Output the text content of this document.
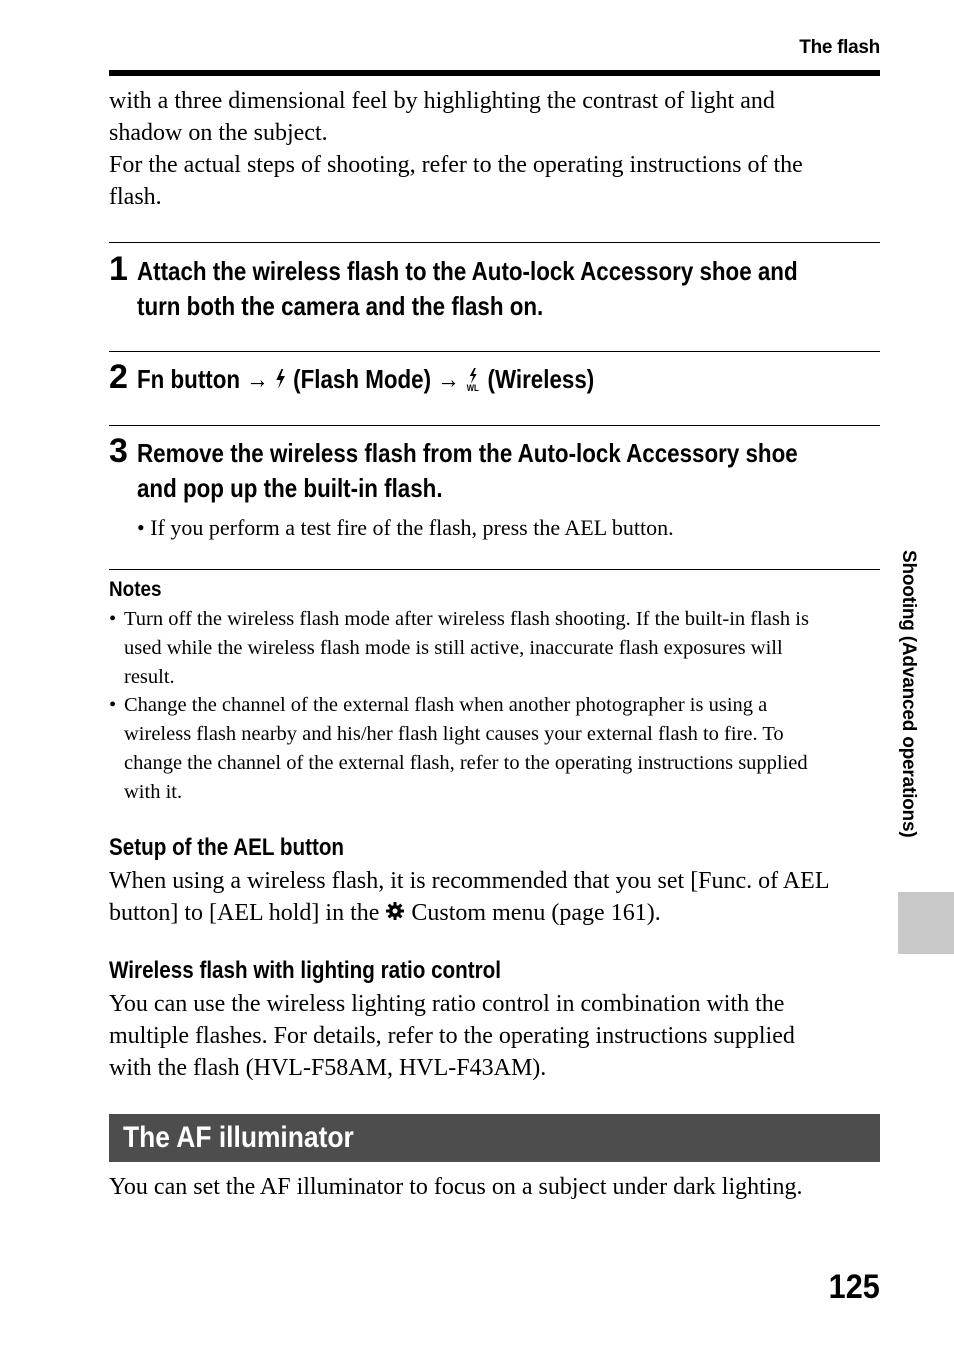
The flash
with a three dimensional feel by highlighting the contrast of light and
shadow on the subject.
For the actual steps of shooting, refer to the operating instructions of the
flash.
1 Attach the wireless flash to the Auto-lock Accessory shoe and
turn both the camera and the flash on.
2 Fn button → (Flash Mode) → WL (Wireless)
3 Remove the wireless flash from the Auto-lock Accessory shoe
and pop up the built-in flash.
• If you perform a test fire of the flash, press the AEL button.
Notes
• Turn off the wireless flash mode after wireless flash shooting. If the built-in flash is
used while the wireless flash mode is still active, inaccurate flash exposures will
result.
• Change the channel of the external flash when another photographer is using a
wireless flash nearby and his/her flash light causes your external flash to fire. To
change the channel of the external flash, refer to the operating instructions supplied
with it.
Setup of the AEL button
When using a wireless flash, it is recommended that you set [Func. of AEL
button] to [AEL hold] in the Custom menu (page 161).
Wireless flash with lighting ratio control
You can use the wireless lighting ratio control in combination with the
multiple flashes. For details, refer to the operating instructions supplied
with the flash (HVL-F58AM, HVL-F43AM).
The AF illuminator
You can set the AF illuminator to focus on a subject under dark lighting.
Shooting (Advanced operations)
125
